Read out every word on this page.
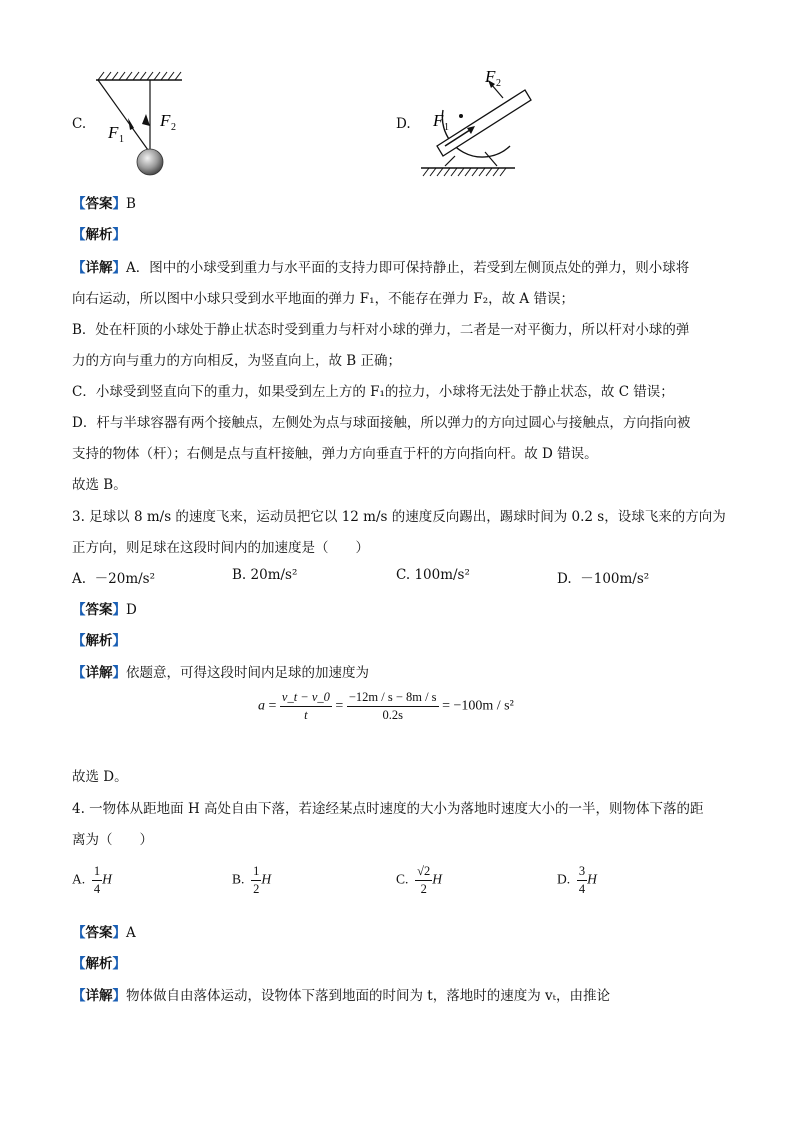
C. F 1
F 2	D. F 1
F 2
【答案】B
【解析】
【详解】A．图中的小球受到重力与水平面的支持力即可保持静止，若受到左侧顶点处的弹力，则小球将
向右运动，所以图中小球只受到水平地面的弹力 F₁，不能存在弹力 F₂，故 A 错误；
B．处在杆顶的小球处于静止状态时受到重力与杆对小球的弹力，二者是一对平衡力，所以杆对小球的弹
力的方向与重力的方向相反，为竖直向上，故 B 正确；
C．小球受到竖直向下的重力，如果受到左上方的 F₁的拉力，小球将无法处于静止状态，故 C 错误；
D．杆与半球容器有两个接触点，左侧处为点与球面接触，所以弹力的方向过圆心与接触点，方向指向被
支持的物体（杆）；右侧是点与直杆接触，弹力方向垂直于杆的方向指向杆。故 D 错误。
故选 B。
3. 足球以 8 m/s 的速度飞来，运动员把它以 12 m/s 的速度反向踢出，踢球时间为 0.2 s，设球飞来的方向为
正方向，则足球在这段时间内的加速度是（　　）
A. －20m/s²	B. 20m/s²	C. 100m/s²	D. －100m/s²
【答案】D
【解析】
【详解】依题意，可得这段时间内足球的加速度为
$a = \frac{v\_t - v\_0}{t} = \frac{-12m / s - 8m / s}{0.2s} = -100m / s^2$
故选 D。
4. 一物体从距地面 H 高处自由下落，若途经某点时速度的大小为落地时速度大小的一半，则物体下落的距
离为（　　）
A. $\frac{1}{4}$ H	B. $\frac{1}{2}$ H	C. $\frac{√2}{2}$ H	D. $\frac{3}{4}$ H
【答案】A
【解析】
【详解】物体做自由落体运动，设物体下落到地面的时间为 t，落地时的速度为 vₜ，由推论
